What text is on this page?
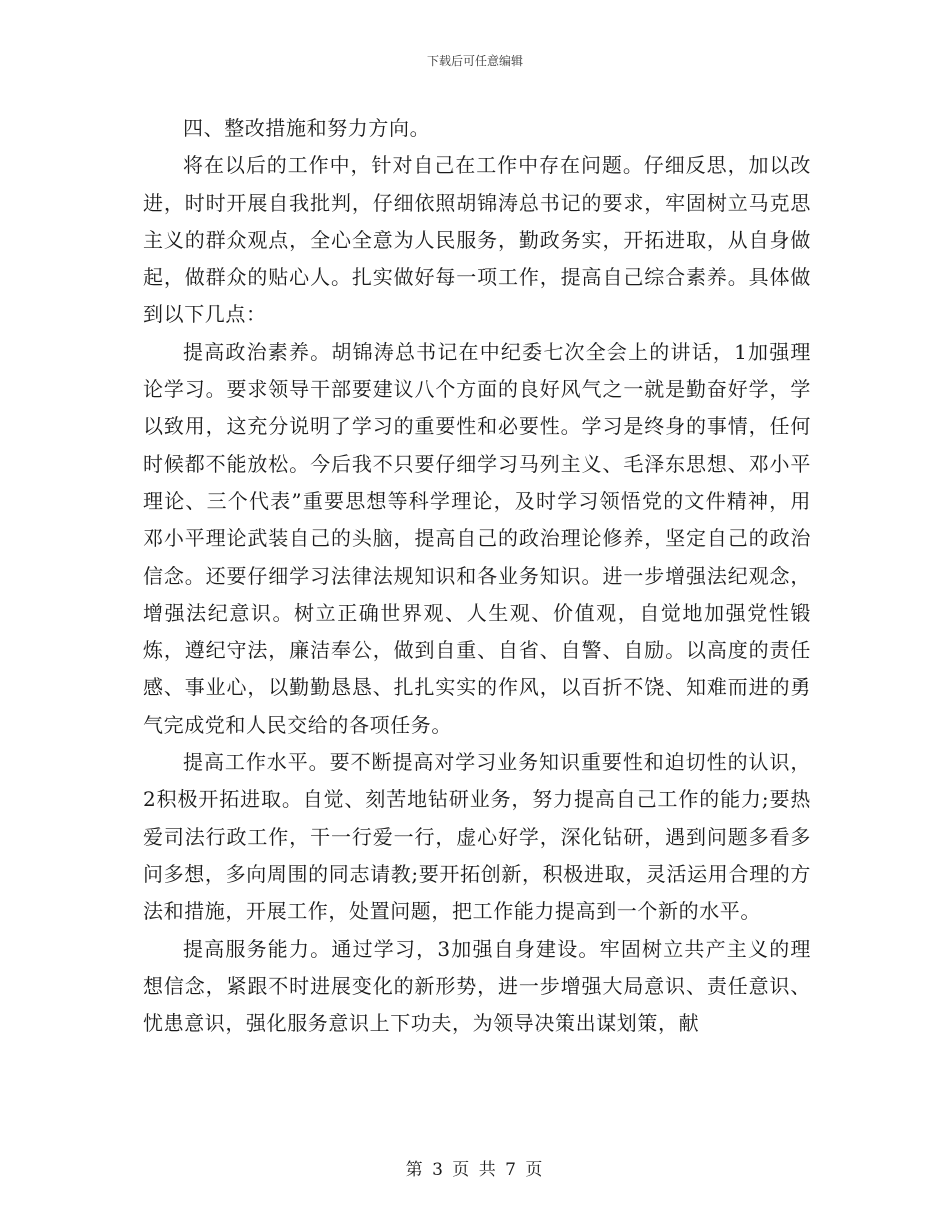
下载后可任意编辑

四、整改措施和努力方向。

将在以后的工作中，针对自己在工作中存在问题。仔细反思，加以改进，时时开展自我批判，仔细依照胡锦涛总书记的要求，牢固树立马克思主义的群众观点，全心全意为人民服务，勤政务实，开拓进取，从自身做起，做群众的贴心人。扎实做好每一项工作，提高自己综合素养。具体做到以下几点：

提高政治素养。胡锦涛总书记在中纪委七次全会上的讲话，1加强理论学习。要求领导干部要建议八个方面的良好风气之一就是勤奋好学，学以致用，这充分说明了学习的重要性和必要性。学习是终身的事情，任何时候都不能放松。今后我不只要仔细学习马列主义、毛泽东思想、邓小平理论、三个代表”重要思想等科学理论，及时学习领悟党的文件精神，用邓小平理论武装自己的头脑，提高自己的政治理论修养，坚定自己的政治信念。还要仔细学习法律法规知识和各业务知识。进一步增强法纪观念，增强法纪意识。树立正确世界观、人生观、价值观，自觉地加强党性锻炼，遵纪守法，廉洁奉公，做到自重、自省、自警、自励。以高度的责任感、事业心，以勤勤恳恳、扎扎实实的作风，以百折不饶、知难而进的勇气完成党和人民交给的各项任务。

提高工作水平。要不断提高对学习业务知识重要性和迫切性的认识，2积极开拓进取。自觉、刻苦地钻研业务，努力提高自己工作的能力;要热爱司法行政工作，干一行爱一行，虚心好学，深化钻研，遇到问题多看多问多想，多向周围的同志请教;要开拓创新，积极进取，灵活运用合理的方法和措施，开展工作，处置问题，把工作能力提高到一个新的水平。

提高服务能力。通过学习，3加强自身建设。牢固树立共产主义的理想信念，紧跟不时进展变化的新形势，进一步增强大局意识、责任意识、忧患意识，强化服务意识上下功夫，为领导决策出谋划策，献

第 3 页 共 7 页
